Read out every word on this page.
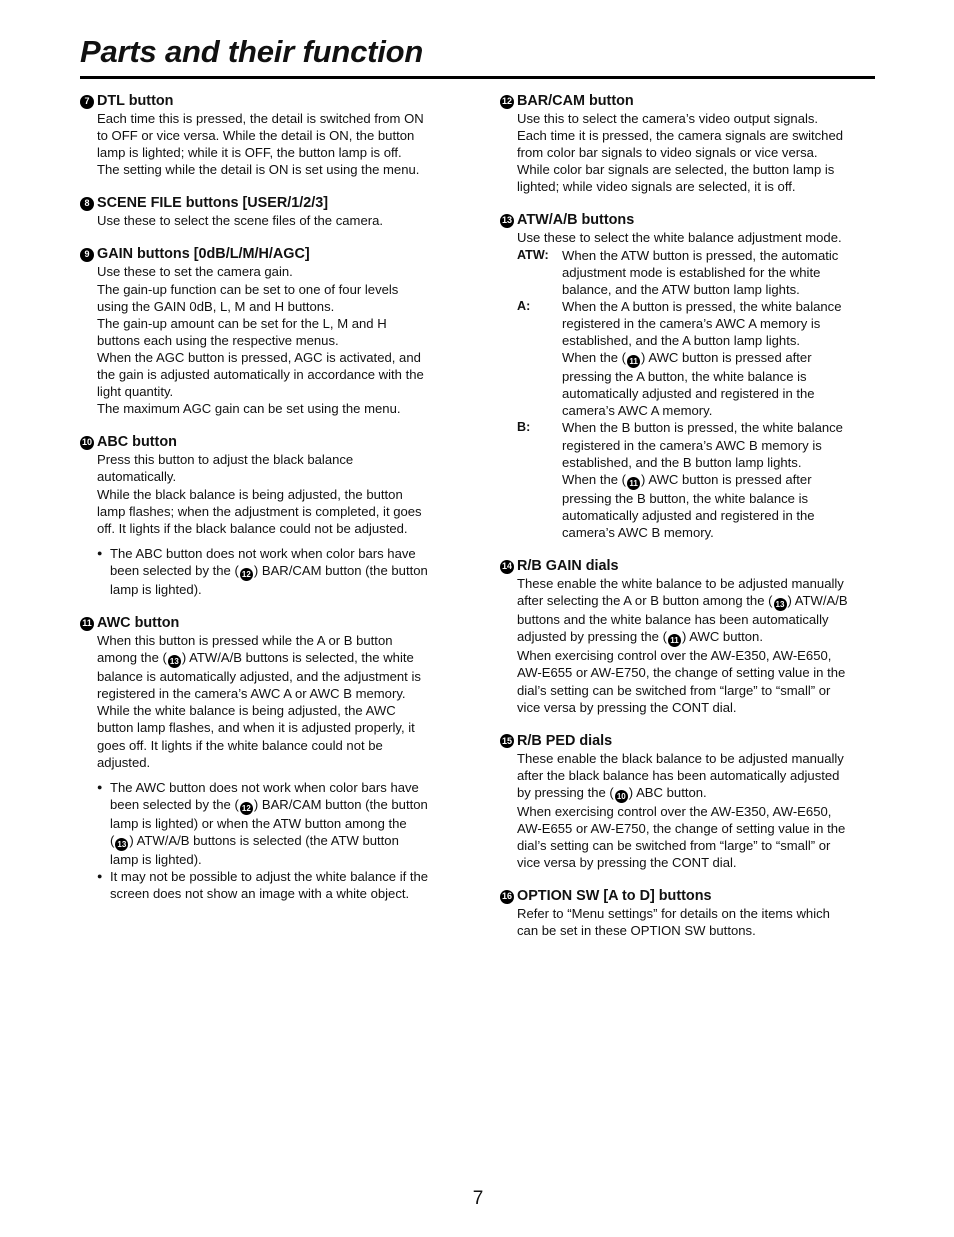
Parts and their function
7 DTL button

Each time this is pressed, the detail is switched from ON

to OFF or vice versa. While the detail is ON, the button

lamp is lighted; while it is OFF, the button lamp is off.

The setting while the detail is ON is set using the menu.

8 SCENE FILE buttons [USER/1/2/3]

Use these to select the scene files of the camera.

9 GAIN buttons [0dB/L/M/H/AGC]

Use these to set the camera gain.

The gain-up function can be set to one of four levels

using the GAIN 0dB, L, M and H buttons.

The gain-up amount can be set for the L, M and H

buttons each using the respective menus.

When the AGC button is pressed, AGC is activated, and

the gain is adjusted automatically in accordance with the

light quantity.

The maximum AGC gain can be set using the menu.

10 ABC button

Press this button to adjust the black balance

automatically.

While the black balance is being adjusted, the button

lamp flashes; when the adjustment is completed, it goes

off. It lights if the black balance could not be adjusted.

● The ABC button does not work when color bars have
been selected by the ( 12 ) BAR/CAM button (the button
lamp is lighted).
11 AWC button

When this button is pressed while the A or B button

among the ( 13 ) ATW/A/B buttons is selected, the white

balance is automatically adjusted, and the adjustment is

registered in the camera’s AWC A or AWC B memory.

While the white balance is being adjusted, the AWC

button lamp flashes, and when it is adjusted properly, it

goes off. It lights if the white balance could not be

adjusted.

● The AWC button does not work when color bars have
been selected by the ( 12 ) BAR/CAM button (the button
lamp is lighted) or when the ATW button among the
( 13 ) ATW/A/B buttons is selected (the ATW button
lamp is lighted).
● It may not be possible to adjust the white balance if the
screen does not show an image with a white object.
12 BAR/CAM button

Use this to select the camera’s video output signals.

Each time it is pressed, the camera signals are switched

from color bar signals to video signals or vice versa.

While color bar signals are selected, the button lamp is

lighted; while video signals are selected, it is off.

13 ATW/A/B buttons

Use these to select the white balance adjustment mode.

ATW:	When the ATW button is pressed, the automatic
adjustment mode is established for the white
balance, and the ATW button lamp lights.
A:	When the A button is pressed, the white balance
registered in the camera’s AWC A memory is
established, and the A button lamp lights.
When the ( 11 ) AWC button is pressed after
pressing the A button, the white balance is
automatically adjusted and registered in the
camera’s AWC A memory.
B:	When the B button is pressed, the white balance
registered in the camera’s AWC B memory is
established, and the B button lamp lights.
When the ( 11 ) AWC button is pressed after
pressing the B button, the white balance is
automatically adjusted and registered in the
camera’s AWC B memory.
14 R/B GAIN dials

These enable the white balance to be adjusted manually

after selecting the A or B button among the ( 13 ) ATW/A/B

buttons and the white balance has been automatically

adjusted by pressing the ( 11 ) AWC button.

When exercising control over the AW-E350, AW-E650,

AW-E655 or AW-E750, the change of setting value in the

dial’s setting can be switched from “large” to “small” or

vice versa by pressing the CONT dial.

15 R/B PED dials

These enable the black balance to be adjusted manually

after the black balance has been automatically adjusted

by pressing the ( 10 ) ABC button.

When exercising control over the AW-E350, AW-E650,

AW-E655 or AW-E750, the change of setting value in the

dial’s setting can be switched from “large” to “small” or

vice versa by pressing the CONT dial.

16 OPTION SW [A to D] buttons

Refer to “Menu settings” for details on the items which

can be set in these OPTION SW buttons.

7
